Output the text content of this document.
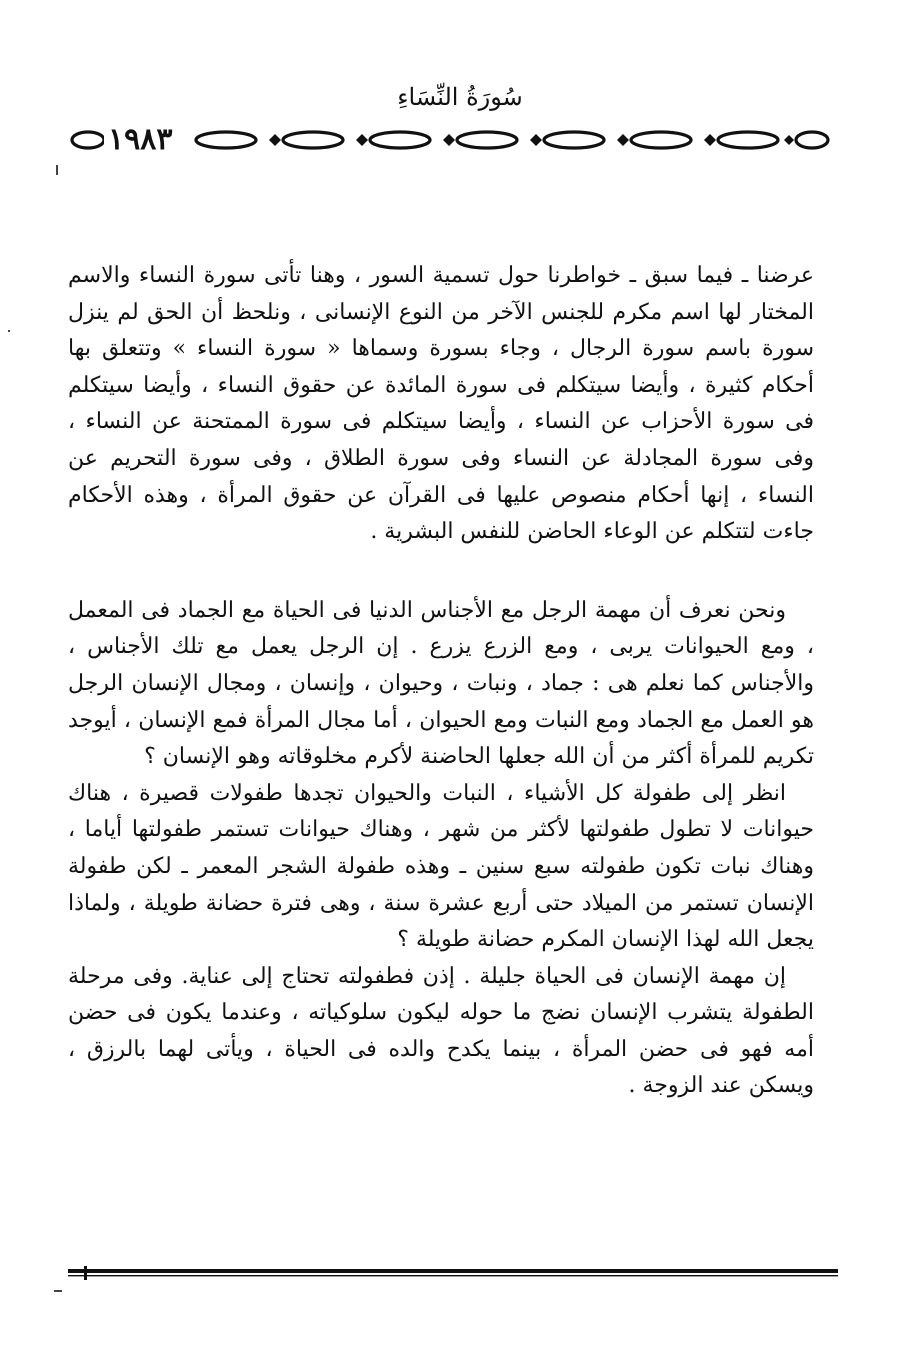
سُورَةُ النِّسَاءِ
١٩٨٣

عرضنا ـ فيما سبق ـ خواطرنا حول تسمية السور ، وهنا تأتى سورة النساء والاسم المختار لها اسم مكرم للجنس الآخر من النوع الإنسانى ، ونلحظ أن الحق لم ينزل سورة باسم سورة الرجال ، وجاء بسورة وسماها « سورة النساء » وتتعلق بها أحكام كثيرة ، وأيضا سيتكلم فى سورة المائدة عن حقوق النساء ، وأيضا سيتكلم فى سورة الأحزاب عن النساء ، وأيضا سيتكلم فى سورة الممتحنة عن النساء ، وفى سورة المجادلة عن النساء وفى سورة الطلاق ، وفى سورة التحريم عن النساء ، إنها أحكام منصوص عليها فى القرآن عن حقوق المرأة ، وهذه الأحكام جاءت لتتكلم عن الوعاء الحاضن للنفس البشرية .

ونحن نعرف أن مهمة الرجل مع الأجناس الدنيا فى الحياة مع الجماد فى المعمل ، ومع الحيوانات يربى ، ومع الزرع يزرع . إن الرجل يعمل مع تلك الأجناس ، والأجناس كما نعلم هى : جماد ، ونبات ، وحيوان ، وإنسان ، ومجال الإنسان الرجل هو العمل مع الجماد ومع النبات ومع الحيوان ، أما مجال المرأة فمع الإنسان ، أيوجد تكريم للمرأة أكثر من أن الله جعلها الحاضنة لأكرم مخلوقاته وهو الإنسان ؟

انظر إلى طفولة كل الأشياء ، النبات والحيوان تجدها طفولات قصيرة ، هناك حيوانات لا تطول طفولتها لأكثر من شهر ، وهناك حيوانات تستمر طفولتها أياما ، وهناك نبات تكون طفولته سبع سنين ـ وهذه طفولة الشجر المعمر ـ لكن طفولة الإنسان تستمر من الميلاد حتى أربع عشرة سنة ، وهى فترة حضانة طويلة ، ولماذا يجعل الله لهذا الإنسان المكرم حضانة طويلة ؟

إن مهمة الإنسان فى الحياة جليلة . إذن فطفولته تحتاج إلى عناية. وفى مرحلة الطفولة يتشرب الإنسان نضج ما حوله ليكون سلوكياته ، وعندما يكون فى حضن أمه فهو فى حضن المرأة ، بينما يكدح والده فى الحياة ، ويأتى لهما بالرزق ، ويسكن عند الزوجة .
